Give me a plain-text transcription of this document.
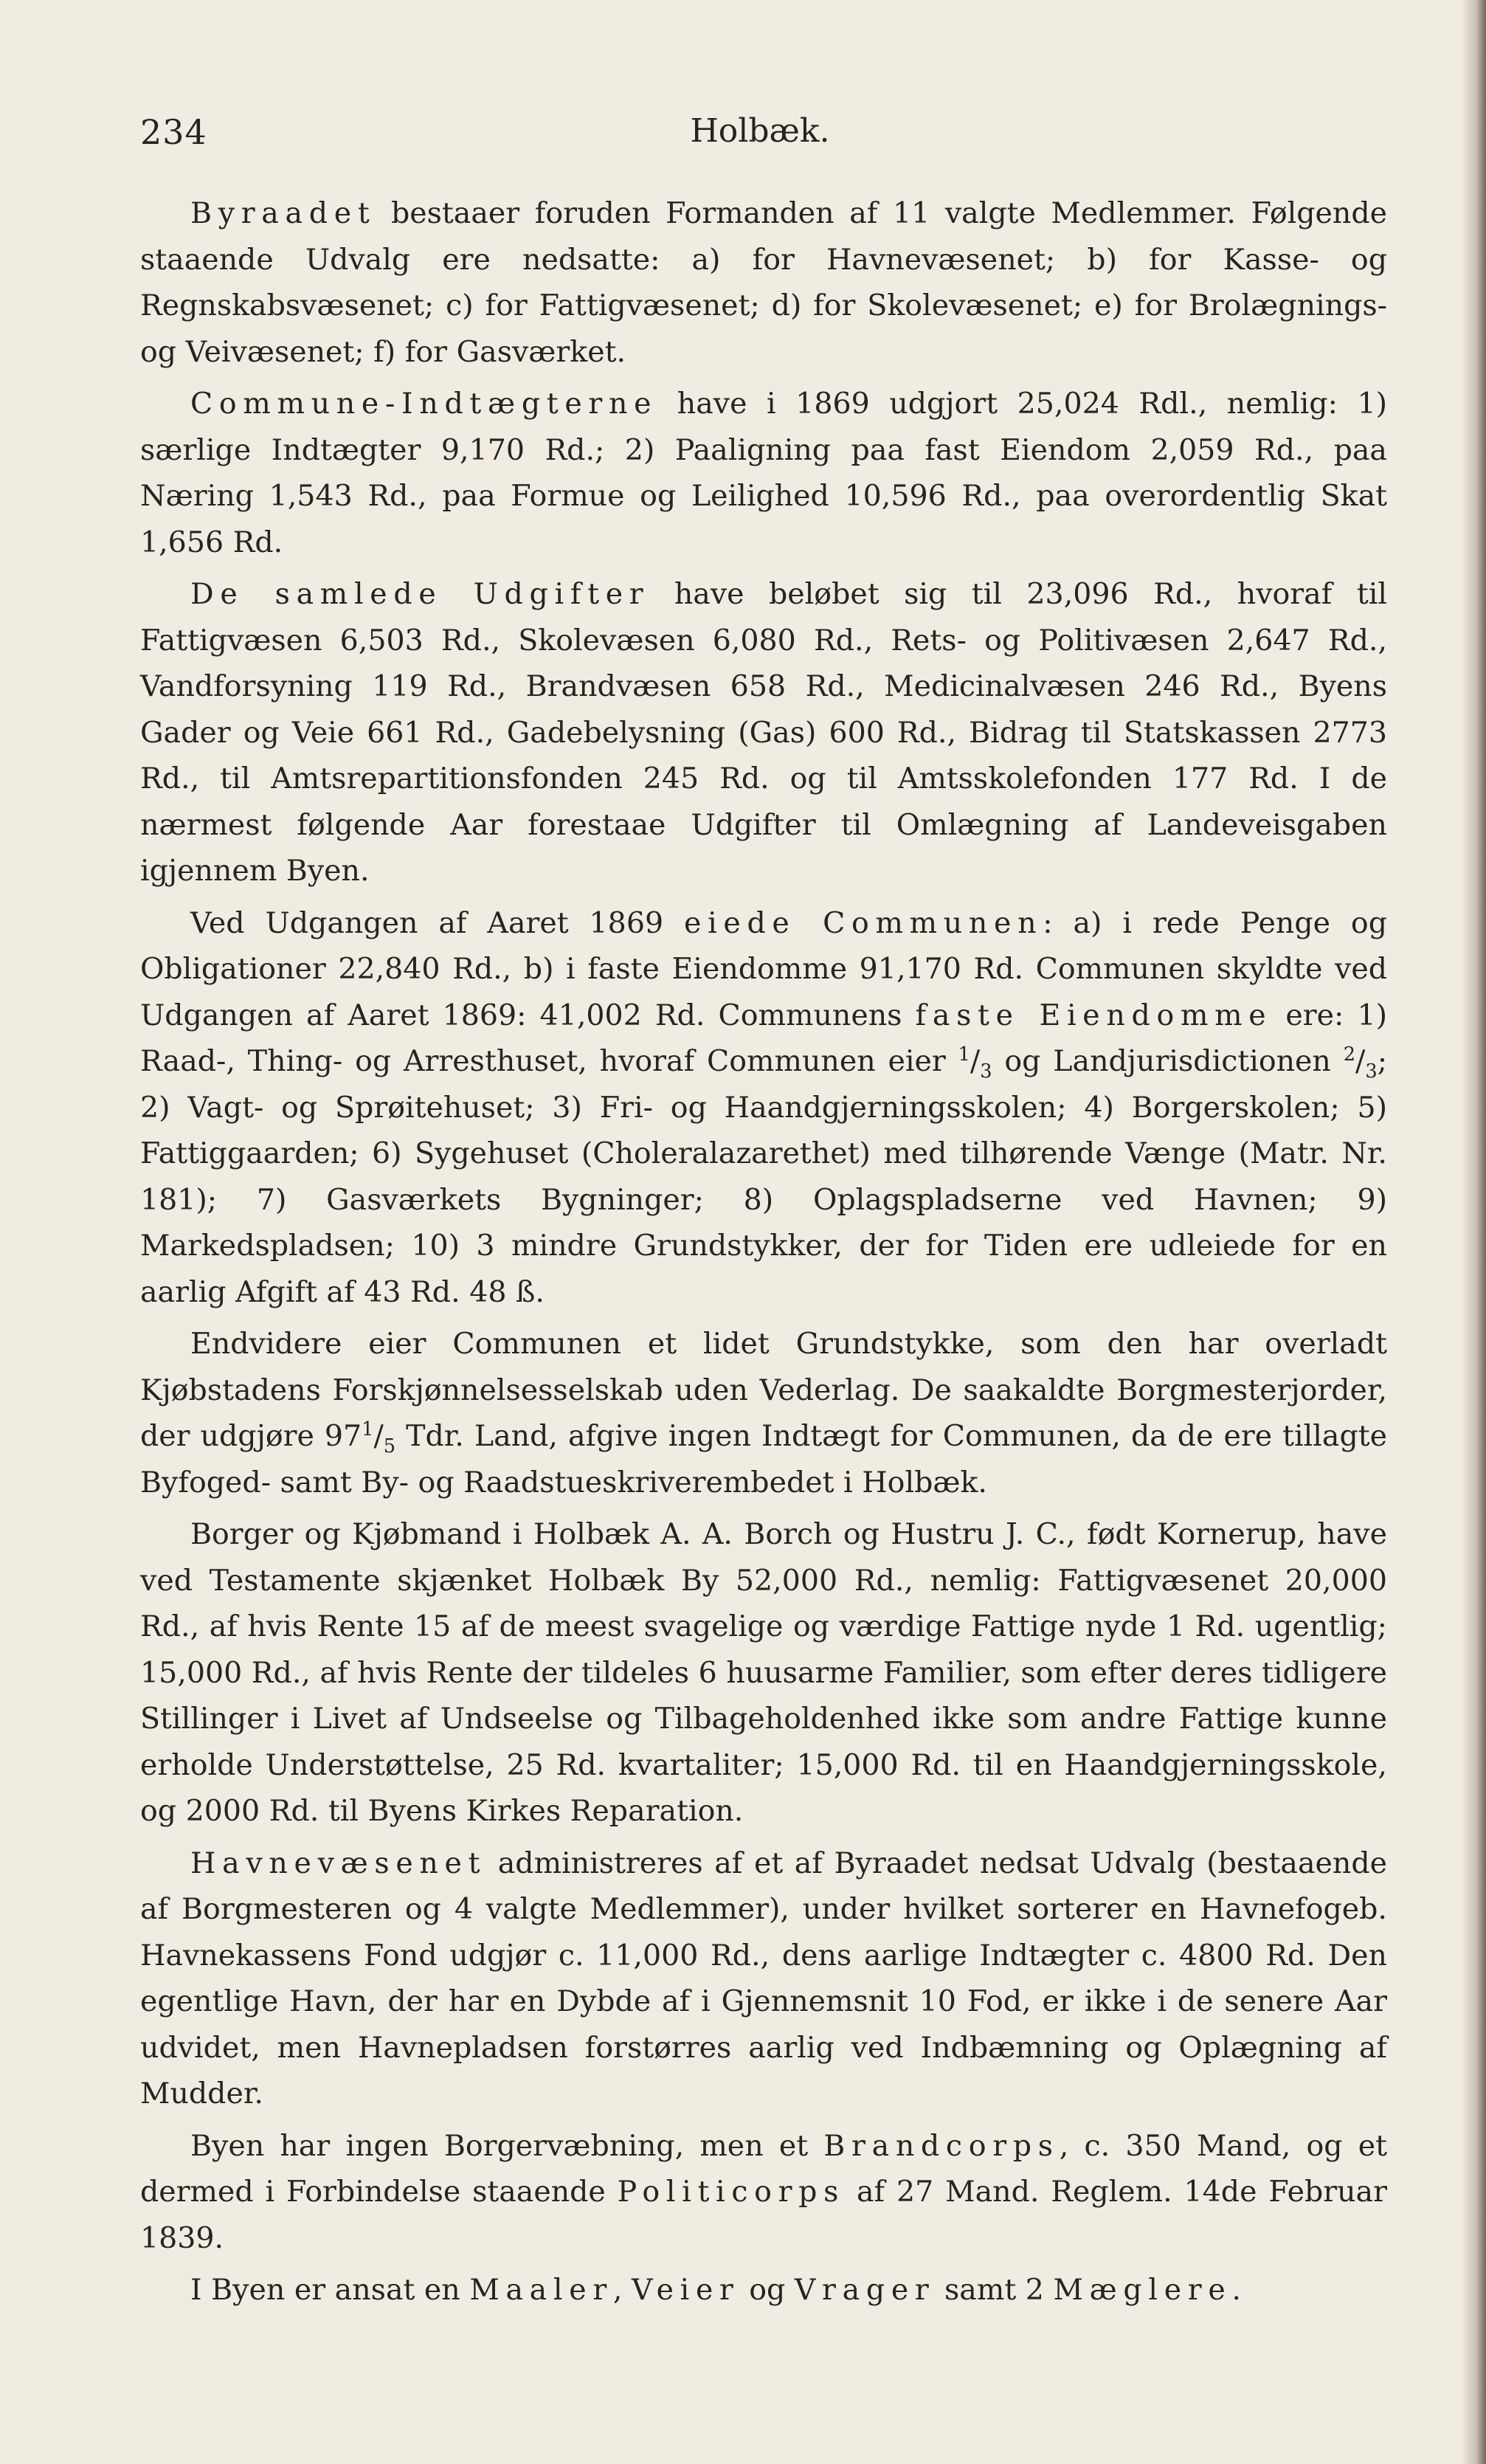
234	Holbæk.

Byraadet bestaaer foruden Formanden af 11 valgte Medlemmer. Følgende staaende Udvalg ere nedsatte: a) for Havnevæsenet; b) for Kasse- og Regnskabsvæsenet; c) for Fattigvæsenet; d) for Skolevæsenet; e) for Brolægnings- og Veivæsenet; f) for Gasværket.

Commune-Indtægterne have i 1869 udgjort 25,024 Rdl., nemlig: 1) særlige Indtægter 9,170 Rd.; 2) Paaligning paa fast Eiendom 2,059 Rd., paa Næring 1,543 Rd., paa Formue og Leilighed 10,596 Rd., paa overordentlig Skat 1,656 Rd.

De samlede Udgifter have beløbet sig til 23,096 Rd., hvoraf til Fattigvæsen 6,503 Rd., Skolevæsen 6,080 Rd., Rets- og Politivæsen 2,647 Rd., Vandforsyning 119 Rd., Brandvæsen 658 Rd., Medicinalvæsen 246 Rd., Byens Gader og Veie 661 Rd., Gadebelysning (Gas) 600 Rd., Bidrag til Statskassen 2773 Rd., til Amtsrepartitionsfonden 245 Rd. og til Amtsskolefonden 177 Rd. I de nærmest følgende Aar forestaae Udgifter til Omlægning af Landeveisgaben igjennem Byen.

Ved Udgangen af Aaret 1869 eiede Communen: a) i rede Penge og Obligationer 22,840 Rd., b) i faste Eiendomme 91,170 Rd. Communen skyldte ved Udgangen af Aaret 1869: 41,002 Rd. Communens faste Eiendomme ere: 1) Raad-, Thing- og Arresthuset, hvoraf Communen eier $^1/_3$ og Landjurisdictionen $^2/_3$; 2) Vagt- og Sprøitehuset; 3) Fri- og Haandgjerningsskolen; 4) Borgerskolen; 5) Fattiggaarden; 6) Sygehuset (Choleralazarethet) med tilhørende Vænge (Matr. Nr. 181); 7) Gasværkets Bygninger; 8) Oplagspladserne ved Havnen; 9) Markedspladsen; 10) 3 mindre Grundstykker, der for Tiden ere udleiede for en aarlig Afgift af 43 Rd. 48 ß.

Endvidere eier Communen et lidet Grundstykke, som den har overladt Kjøbstadens Forskjønnelsesselskab uden Vederlag. De saakaldte Borgmesterjorder, der udgjøre $97^1/_5$ Tdr. Land, afgive ingen Indtægt for Communen, da de ere tillagte Byfoged- samt By- og Raadstueskriverembedet i Holbæk.

Borger og Kjøbmand i Holbæk A. A. Borch og Hustru J. C., født Kornerup, have ved Testamente skjænket Holbæk By 52,000 Rd., nemlig: Fattigvæsenet 20,000 Rd., af hvis Rente 15 af de meest svagelige og værdige Fattige nyde 1 Rd. ugentlig; 15,000 Rd., af hvis Rente der tildeles 6 huusarme Familier, som efter deres tidligere Stillinger i Livet af Undseelse og Tilbageholdenhed ikke som andre Fattige kunne erholde Understøttelse, 25 Rd. kvartaliter; 15,000 Rd. til en Haandgjerningsskole, og 2000 Rd. til Byens Kirkes Reparation.

Havnevæsenet administreres af et af Byraadet nedsat Udvalg (bestaaende af Borgmesteren og 4 valgte Medlemmer), under hvilket sorterer en Havnefogeb. Havnekassens Fond udgjør c. 11,000 Rd., dens aarlige Indtægter c. 4800 Rd. Den egentlige Havn, der har en Dybde af i Gjennemsnit 10 Fod, er ikke i de senere Aar udvidet, men Havnepladsen forstørres aarlig ved Indbæmning og Oplægning af Mudder.

Byen har ingen Borgervæbning, men et Brandcorps, c. 350 Mand, og et dermed i Forbindelse staaende Politicorps af 27 Mand. Reglem. 14de Februar 1839.

I Byen er ansat en Maaler, Veier og Vrager samt 2 Mæglere.
